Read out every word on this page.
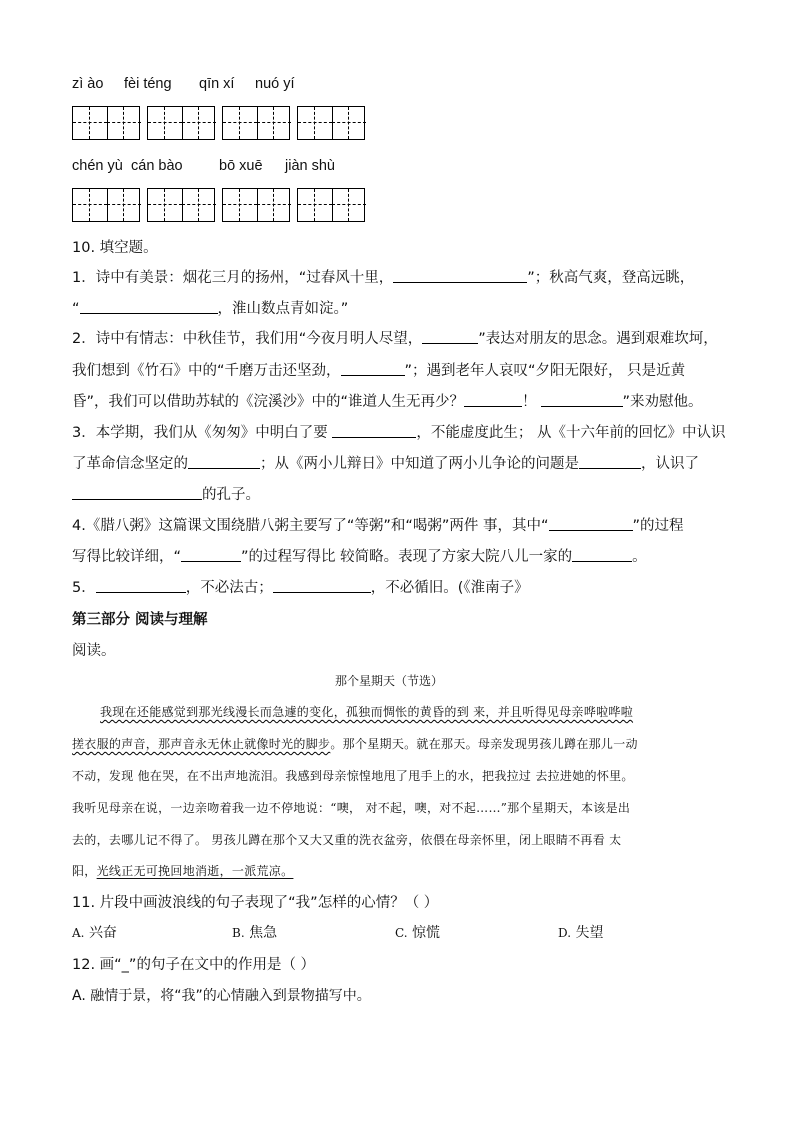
zì ào fèi téng qīn xí nuó yí
chén yù cán bào	bō xuē jiàn shù
10. 填空题。
1．诗中有美景：烟花三月的扬州，“过春风十里，	”；秋高气爽，登高远眺，
“	，淮山数点青如淀。”
2．诗中有情志：中秋佳节，我们用“今夜月明人尽望，	”表达对朋友的思念。遇到艰难坎坷，
我们想到《竹石》中的“千磨万击还坚劲，	”；遇到老年人哀叹“夕阳无限好， 只是近黄
昏”，我们可以借助苏轼的《浣溪沙》中的“谁道人生无再少？	！	”来劝慰他。
3．本学期，我们从《匆匆》中明白了要	，不能虚度此生； 从《十六年前的回忆》中认识
了革命信念坚定的	；从《两小儿辩日》中知道了两小儿争论的问题是	，认识了
的孔子。
4.《腊八粥》这篇课文围绕腊八粥主要写了“等粥”和“喝粥”两件 事，其中“	”的过程
写得比较详细，“	”的过程写得比 较简略。表现了方家大院八儿一家的	。
5．	，不必法古；	，不必循旧。(《淮南子》
第三部分 阅读与理解
阅读。
那个星期天（节选）
我现在还能感觉到那光线漫长而急遽的变化，孤独而惆怅的黄昏的到 来，并且听得见母亲哗啦哗啦
搓衣服的声音，那声音永无休止就像时光的脚步。那个星期天。就在那天。母亲发现男孩儿蹲在那儿一动
不动，发现 他在哭，在不出声地流泪。我感到母亲惊惶地甩了甩手上的水，把我拉过 去拉进她的怀里。
我听见母亲在说，一边亲吻着我一边不停地说：“噢， 对不起，噢，对不起……”那个星期天，本该是出
去的，去哪儿记不得了。 男孩儿蹲在那个又大又重的洗衣盆旁，依偎在母亲怀里，闭上眼睛不再看 太
阳，光线正无可挽回地消逝，一派荒凉。
11. 片段中画波浪线的句子表现了“我”怎样的心情？（ ）
A. 兴奋	B. 焦急	C. 惊慌	D. 失望
12. 画“_”的句子在文中的作用是（ ）
A. 融情于景，将“我”的心情融入到景物描写中。
